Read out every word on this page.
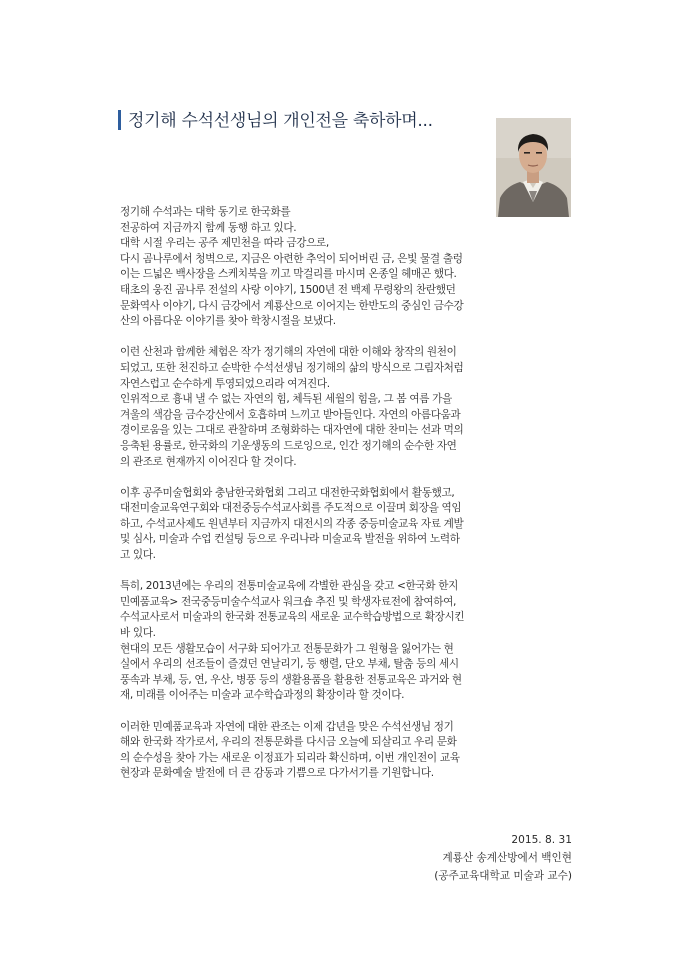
정기해 수석선생님의 개인전을 축하하며...
정기해 수석과는 대학 동기로 한국화를
전공하여 지금까지 함께 동행 하고 있다.
대학 시절 우리는 공주 제민천을 따라 금강으로,
다시 곰나루에서 청벽으로, 지금은 아련한 추억이 되어버린 금, 은빛 물결 출렁
이는 드넓은 백사장을 스케치북을 끼고 막걸리를 마시며 온종일 헤매곤 했다.
태초의 웅진 곰나루 전설의 사랑 이야기, 1500년 전 백제 무령왕의 찬란했던
문화역사 이야기, 다시 금강에서 계룡산으로 이어지는 한반도의 중심인 금수강
산의 아름다운 이야기를 찾아 학창시절을 보냈다.
이런 산천과 함께한 체험은 작가 정기해의 자연에 대한 이해와 창작의 원천이
되었고, 또한 천진하고 순박한 수석선생님 정기해의 삶의 방식으로 그림자처럼
자연스럽고 순수하게 투영되었으리라 여겨진다.
인위적으로 흉내 낼 수 없는 자연의 힘, 체득된 세월의 힘을, 그 봄 여름 가을
겨울의 색감을 금수강산에서 호흡하며 느끼고 받아들인다. 자연의 아름다움과
경이로움을 있는 그대로 관찰하며 조형화하는 대자연에 대한 찬미는 선과 먹의
응축된 용률로, 한국화의 기운생동의 드로잉으로, 인간 정기해의 순수한 자연
의 관조로 현재까지 이어진다 할 것이다.
이후 공주미술협회와 충남한국화협회 그리고 대전한국화협회에서 활동했고,
대전미술교육연구회와 대전중등수석교사회를 주도적으로 이끌며 회장을 역임
하고, 수석교사제도 원년부터 지금까지 대전시의 각종 중등미술교육 자료 계발
및 심사, 미술과 수업 컨설팅 등으로 우리나라 미술교육 발전을 위하여 노력하
고 있다.
특히, 2013년에는 우리의 전통미술교육에 각별한 관심을 갖고 <한국화 한지
민예품교육> 전국중등미술수석교사 워크숍 추진 및 학생자료전에 참여하여,
수석교사로서 미술과의 한국화 전통교육의 새로운 교수학습방법으로 확장시킨
바 있다.
현대의 모든 생활모습이 서구화 되어가고 전통문화가 그 원형을 잃어가는 현
실에서 우리의 선조들이 즐겼던 연날리기, 등 행렬, 단오 부채, 탈춤 등의 세시
풍속과 부채, 등, 연, 우산, 병풍 등의 생활용품을 활용한 전통교육은 과거와 현
재, 미래를 이어주는 미술과 교수학습과정의 확장이라 할 것이다.
이러한 민예품교육과 자연에 대한 관조는 이제 갑년을 맞은 수석선생님 정기
해와 한국화 작가로서, 우리의 전통문화를 다시금 오늘에 되살리고 우리 문화
의 순수성을 찾아 가는 새로운 이정표가 되리라 확신하며, 이번 개인전이 교육
현장과 문화예술 발전에 더 큰 감동과 기쁨으로 다가서기를 기원합니다.
2015. 8. 31
계룡산 송계산방에서 백인현
(공주교육대학교 미술과 교수)
